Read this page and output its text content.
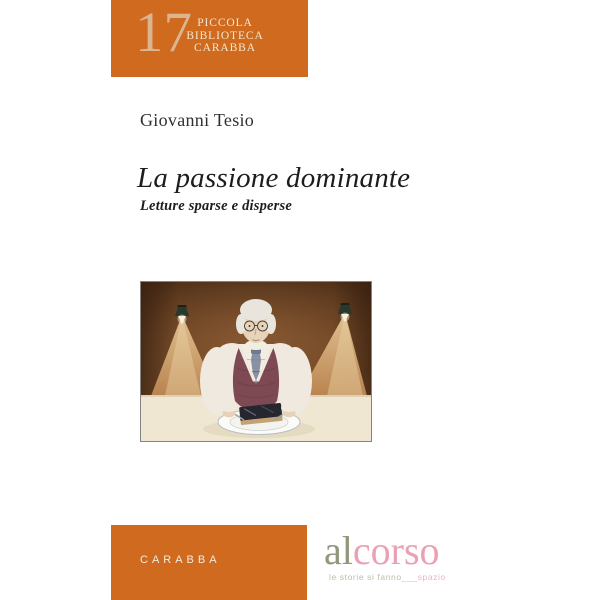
17 PICCOLA
BIBLIOTECA
CARABBA
Giovanni Tesio
La passione dominante
Letture sparse e disperse
CARABBA	alcorso
le storie si fanno___spazio
